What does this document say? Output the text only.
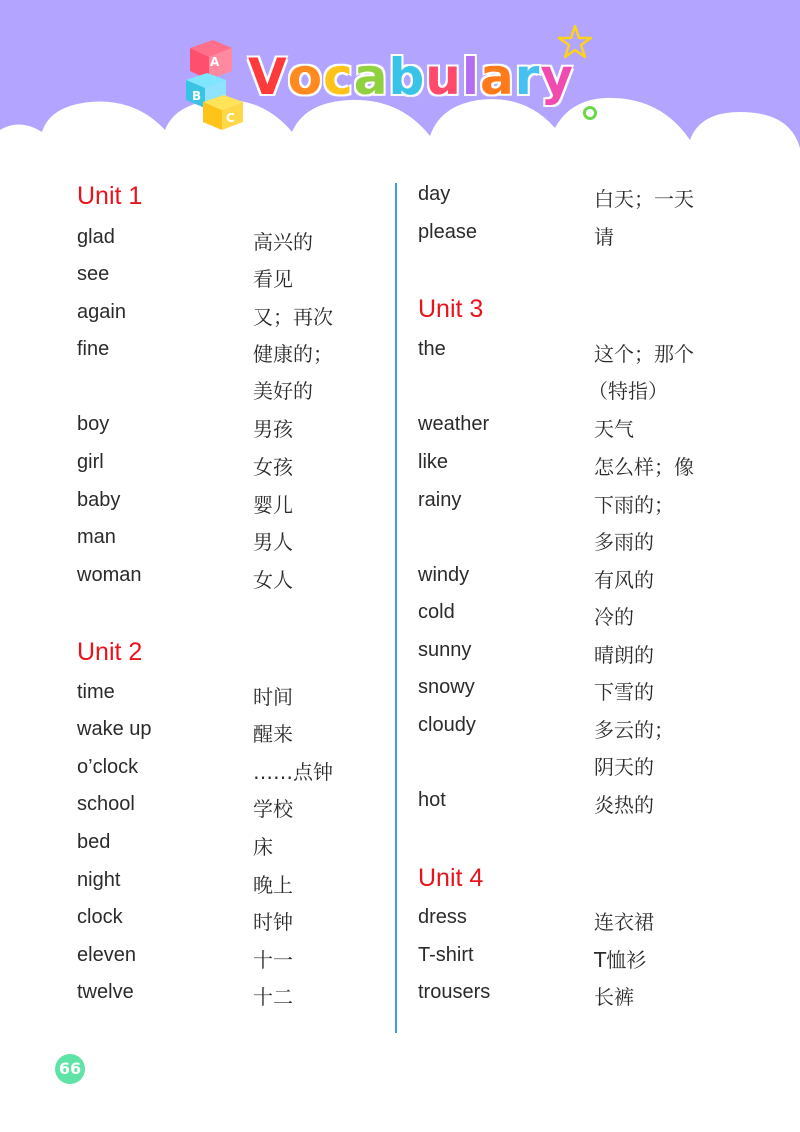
A
B
C
Vocabulary
Unit 1
glad	高兴的
see	看见
again	又；再次
fine	健康的；
美好的
boy	男孩
girl	女孩
baby	婴儿
man	男人
woman	女人
Unit 2
time	时间
wake up	醒来
o’clock	……点钟
school	学校
bed	床
night	晚上
clock	时钟
eleven	十一
twelve	十二
day	白天；一天
please	请
Unit 3
the	这个；那个
（特指）
weather	天气
like	怎么样；像
rainy	下雨的；
多雨的
windy	有风的
cold	冷的
sunny	晴朗的
snowy	下雪的
cloudy	多云的；
阴天的
hot	炎热的
Unit 4
dress	连衣裙
T-shirt	T恤衫
trousers	长裤
66
